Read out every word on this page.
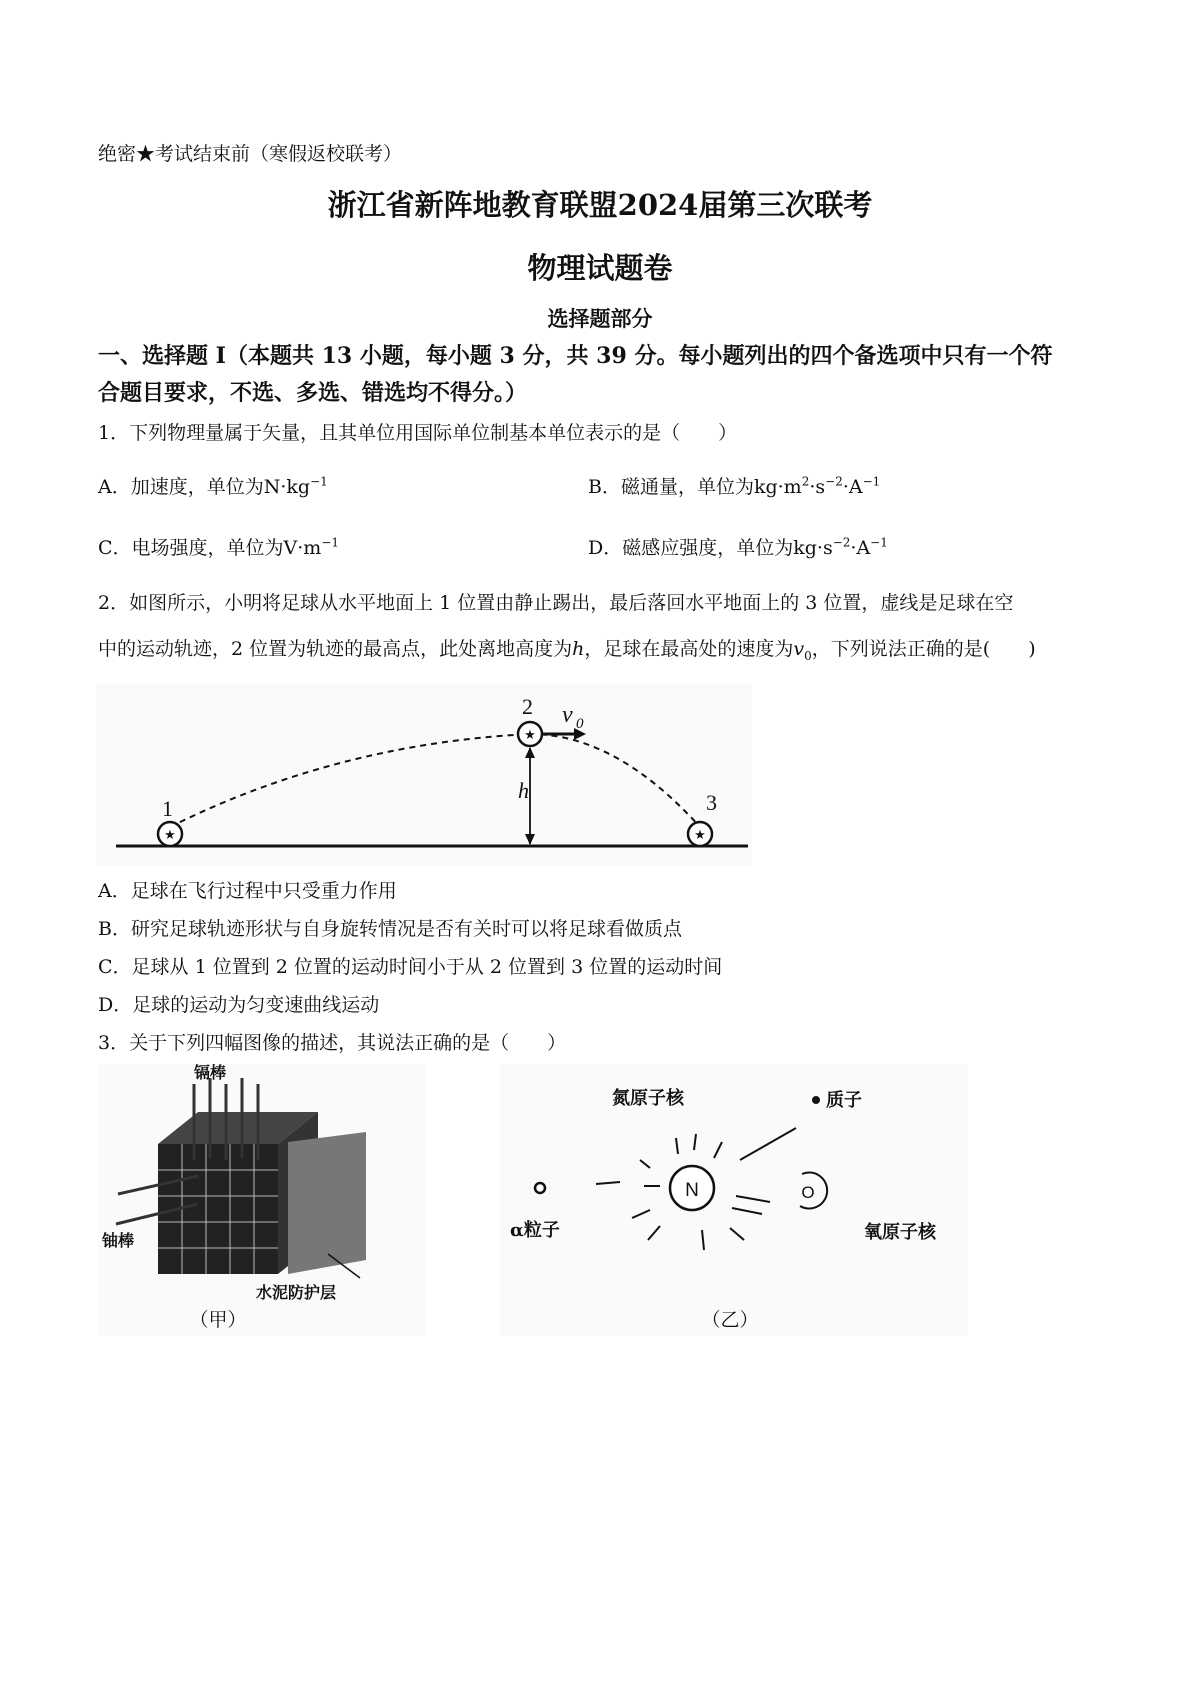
绝密★考试结束前（寒假返校联考）
浙江省新阵地教育联盟2024届第三次联考
物理试题卷
选择题部分
一、选择题 I（本题共 13 小题，每小题 3 分，共 39 分。每小题列出的四个备选项中只有一个符
合题目要求，不选、多选、错选均不得分。）
1．下列物理量属于矢量，且其单位用国际单位制基本单位表示的是（　　）
A．加速度，单位为$N\cdot kg^{-1}$	B．磁通量，单位为$kg\cdot m^2\cdot s^{-2}\cdot A^{-1}$
C．电场强度，单位为$V\cdot m^{-1}$	D．磁感应强度，单位为$kg\cdot s^{-2}\cdot A^{-1}$
2．如图所示，小明将足球从水平地面上 1 位置由静止踢出，最后落回水平地面上的 3 位置，虚线是足球在空
中的运动轨迹，2 位置为轨迹的最高点，此处离地高度为h，足球在最高处的速度为$v_0$，下列说法正确的是(　　)
★
★
★
1
2
3
h
v 0
A．足球在飞行过程中只受重力作用
B．研究足球轨迹形状与自身旋转情况是否有关时可以将足球看做质点
C．足球从 1 位置到 2 位置的运动时间小于从 2 位置到 3 位置的运动时间
D．足球的运动为匀变速曲线运动
3．关于下列四幅图像的描述，其说法正确的是（　　）
镉棒
铀棒
水泥防护层
（甲）
N	O
氮原子核	质子
α粒子	氧原子核
（乙）
